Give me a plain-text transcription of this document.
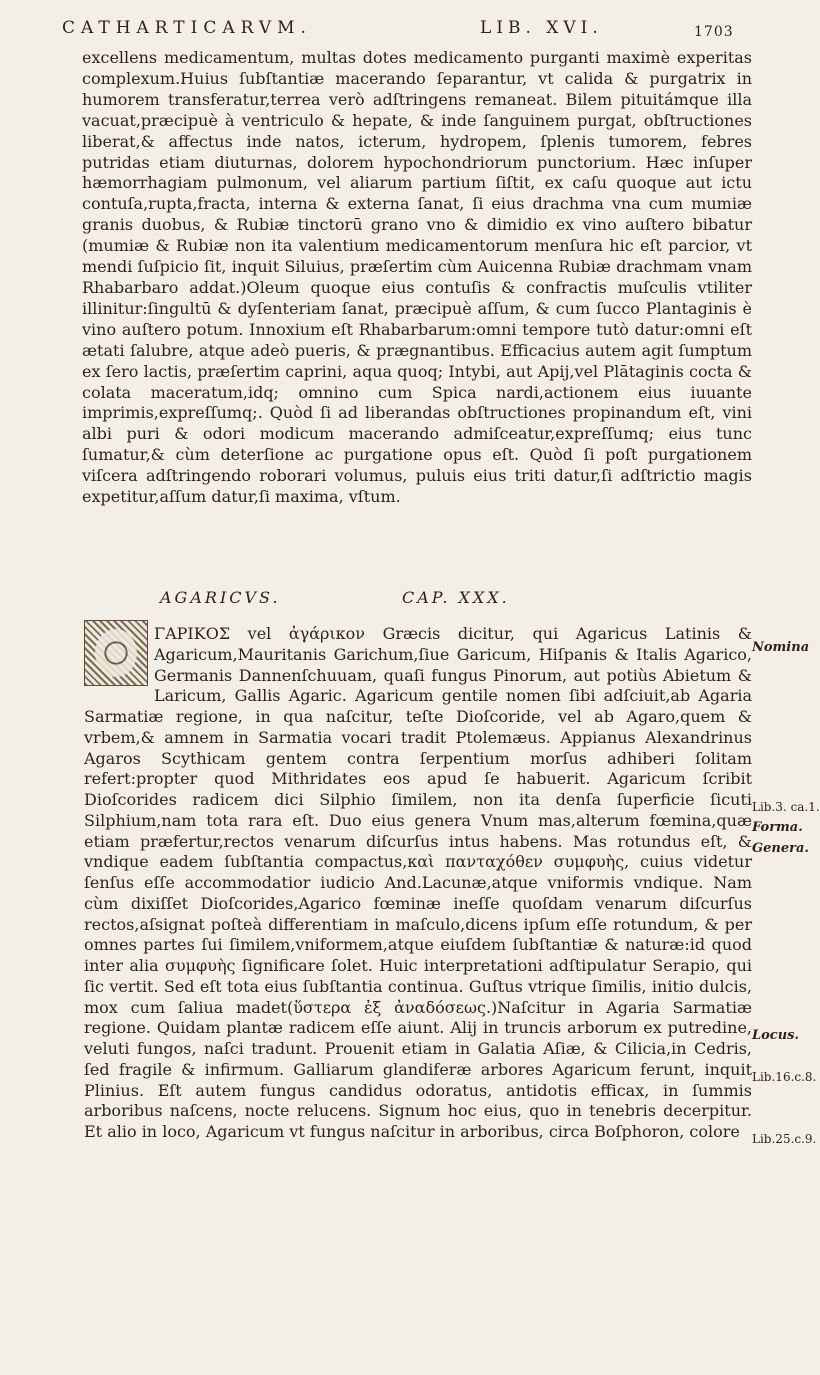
CATHARTICARVM.	LIB. XVI.	1703

excellens medicamentum, multas dotes medicamento purganti maximè experitas complexum.Huius ſubſtantiæ macerando ſeparantur, vt calida & purgatrix in humorem transferatur,terrea verò adſtringens remaneat. Bilem pituitámque illa vacuat,præcipuè à ventriculo & hepate, & inde ſanguinem purgat, obſtructiones liberat,& affectus inde natos, icterum, hydropem, ſplenis tumorem, febres putridas etiam diuturnas, dolorem hypochondriorum punctorium. Hæc inſuper hæmorrhagiam pulmonum, vel aliarum partium ſiſtit, ex caſu quoque aut ictu contuſa,rupta,fracta, interna & externa ſanat, ſi eius drachma vna cum mumiæ granis duobus, & Rubiæ tinctorū grano vno & dimidio ex vino auſtero bibatur (mumiæ & Rubiæ non ita valentium medicamentorum menſura hic eſt parcior, vt mendi ſuſpicio ſit, inquit Siluius, præſertim cùm Auicenna Rubiæ drachmam vnam Rhabarbaro addat.)Oleum quoque eius contuſis & confractis muſculis vtiliter illinitur:ſingultū & dyſenteriam ſanat, præcipuè aſſum, & cum ſucco Plantaginis è vino auſtero potum. Innoxium eſt Rhabarbarum:omni tempore tutò datur:omni eſt ætati ſalubre, atque adeò pueris, & prægnantibus. Efficacius autem agit ſumptum ex ſero lactis, præſertim caprini, aqua quoq; Intybi, aut Apij,vel Plātaginis cocta & colata maceratum,idq; omnino cum Spica nardi,actionem eius iuuante imprimis,expreſſumq;. Quòd ſi ad liberandas obſtructiones propinandum eſt, vini albi puri & odori modicum macerando admiſceatur,expreſſumq; eius tunc ſumatur,& cùm deterſione ac purgatione opus eſt. Quòd ſi poſt purgationem viſcera adſtringendo roborari volumus, puluis eius triti datur,ſi adſtrictio magis expetitur,aſſum datur,ſi maxima, vſtum.

AGARICVS.	CAP. XXX.
ΓΑΡΙΚΟΣ vel ἀγάρικον Græcis dicitur, qui Agaricus Latinis & Agaricum,Mauritanis Garichum,ſiue Garicum, Hiſpanis & Italis Agarico, Germanis Dannenſchuuam, quaſi fungus Pinorum, aut potiùs Abietum & Laricum, Gallis Agaric. Agaricum gentile nomen ſibi adſciuit,ab Agaria Sarmatiæ regione, in qua naſcitur, teſte Dioſcoride, vel ab Agaro,quem & vrbem,& amnem in Sarmatia vocari tradit Ptolemæus. Appianus Alexandrinus Agaros Scythicam gentem contra ſerpentium morſus adhiberi ſolitam refert:propter quod Mithridates eos apud ſe habuerit. Agaricum ſcribit Dioſcorides radicem dici Silphio ſimilem, non ita denſa ſuperficie ſicuti Silphium,nam tota rara eſt. Duo eius genera Vnum mas,alterum fœmina,quæ etiam præfertur,rectos venarum diſcurſus intus habens. Mas rotundus eſt, & vndique eadem ſubſtantia compactus,καὶ πανταχόθεν συμφυὴς, cuius videtur ſenſus eſſe accommodatior iudicio And.Lacunæ,atque vniformis vndique. Nam cùm dixiſſet Dioſcorides,Agarico fœminæ ineſſe quoſdam venarum diſcurſus rectos,aſsignat poſteà differentiam in maſculo,dicens ipſum eſſe rotundum, & per omnes partes ſui ſimilem,vniformem,atque eiuſdem ſubſtantiæ & naturæ:id quod inter alia συμφυὴς ſignificare ſolet. Huic interpretationi adſtipulatur Serapio, qui ſic vertit. Sed eſt tota eius ſubſtantia continua. Guſtus vtrique ſimilis, initio dulcis, mox cum ſaliua madet(ὕστερα ἐξ ἀναδόσεως.)Naſcitur in Agaria Sarmatiæ regione. Quidam plantæ radicem eſſe aiunt. Alij in truncis arborum ex putredine, veluti fungos, naſci tradunt. Prouenit etiam in Galatia Aſiæ, & Cilicia,in Cedris, ſed fragile & infirmum. Galliarum glandiferæ arbores Agaricum ferunt, inquit Plinius. Eſt autem fungus candidus odoratus, antidotis efficax, in ſummis arboribus naſcens, nocte relucens. Signum hoc eius, quo in tenebris decerpitur. Et alio in loco, Agaricum vt fungus naſcitur in arboribus, circa Boſphoron, colore
Nomina
Lib.3. ca.1.
Forma.
Genera.
Locus.
Lib.16.c.8.
Lib.25.c.9.
